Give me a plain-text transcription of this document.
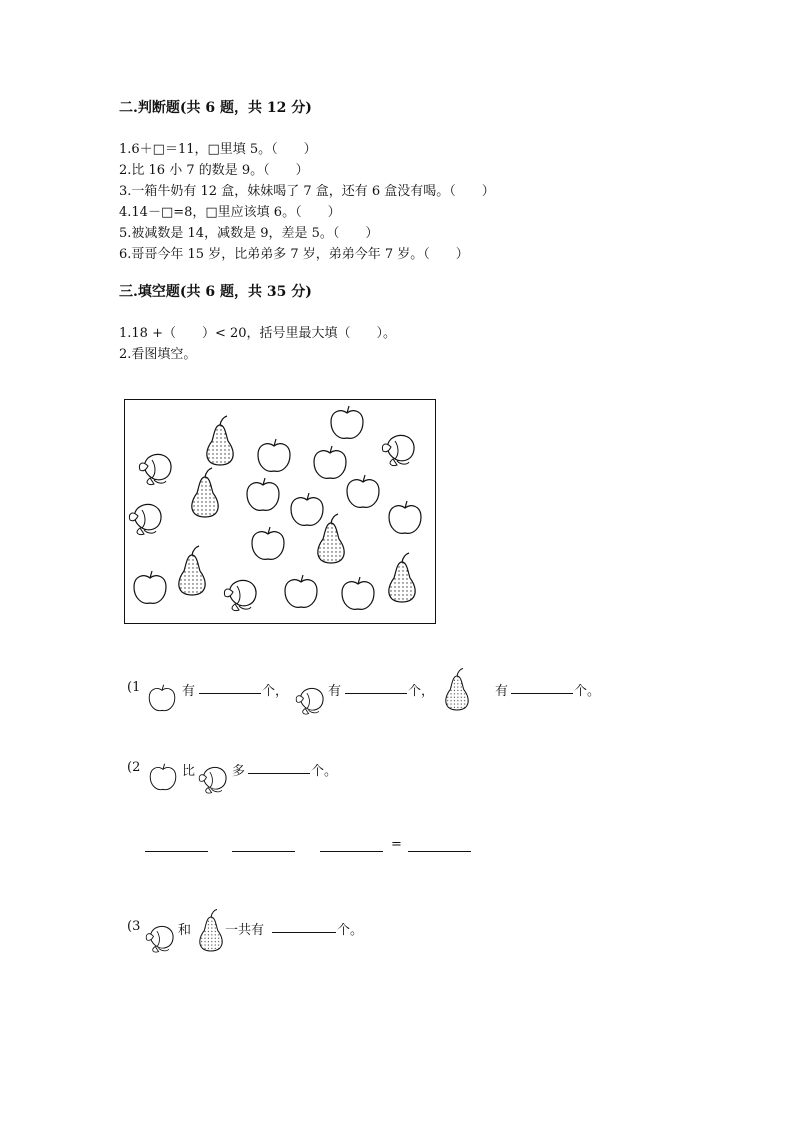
二.判断题(共 6 题，共 12 分)
1.6＋□＝11，□里填 5。（　　）
2.比 16 小 7 的数是 9。（　　）
3.一箱牛奶有 12 盒，妹妹喝了 7 盒，还有 6 盒没有喝。（　　）
4.14－□=8，□里应该填 6。（　　）
5.被减数是 14，减数是 9，差是 5。（　　）
6.哥哥今年 15 岁，比弟弟多 7 岁，弟弟今年 7 岁。（　　）
三.填空题(共 6 题，共 35 分)
1.18 +（　　）< 20，括号里最大填（　　）。
2.看图填空。
(1	有	个，	有	个，	有	个。
(2	比	多	个。
=
(3	和	一共有	个。
